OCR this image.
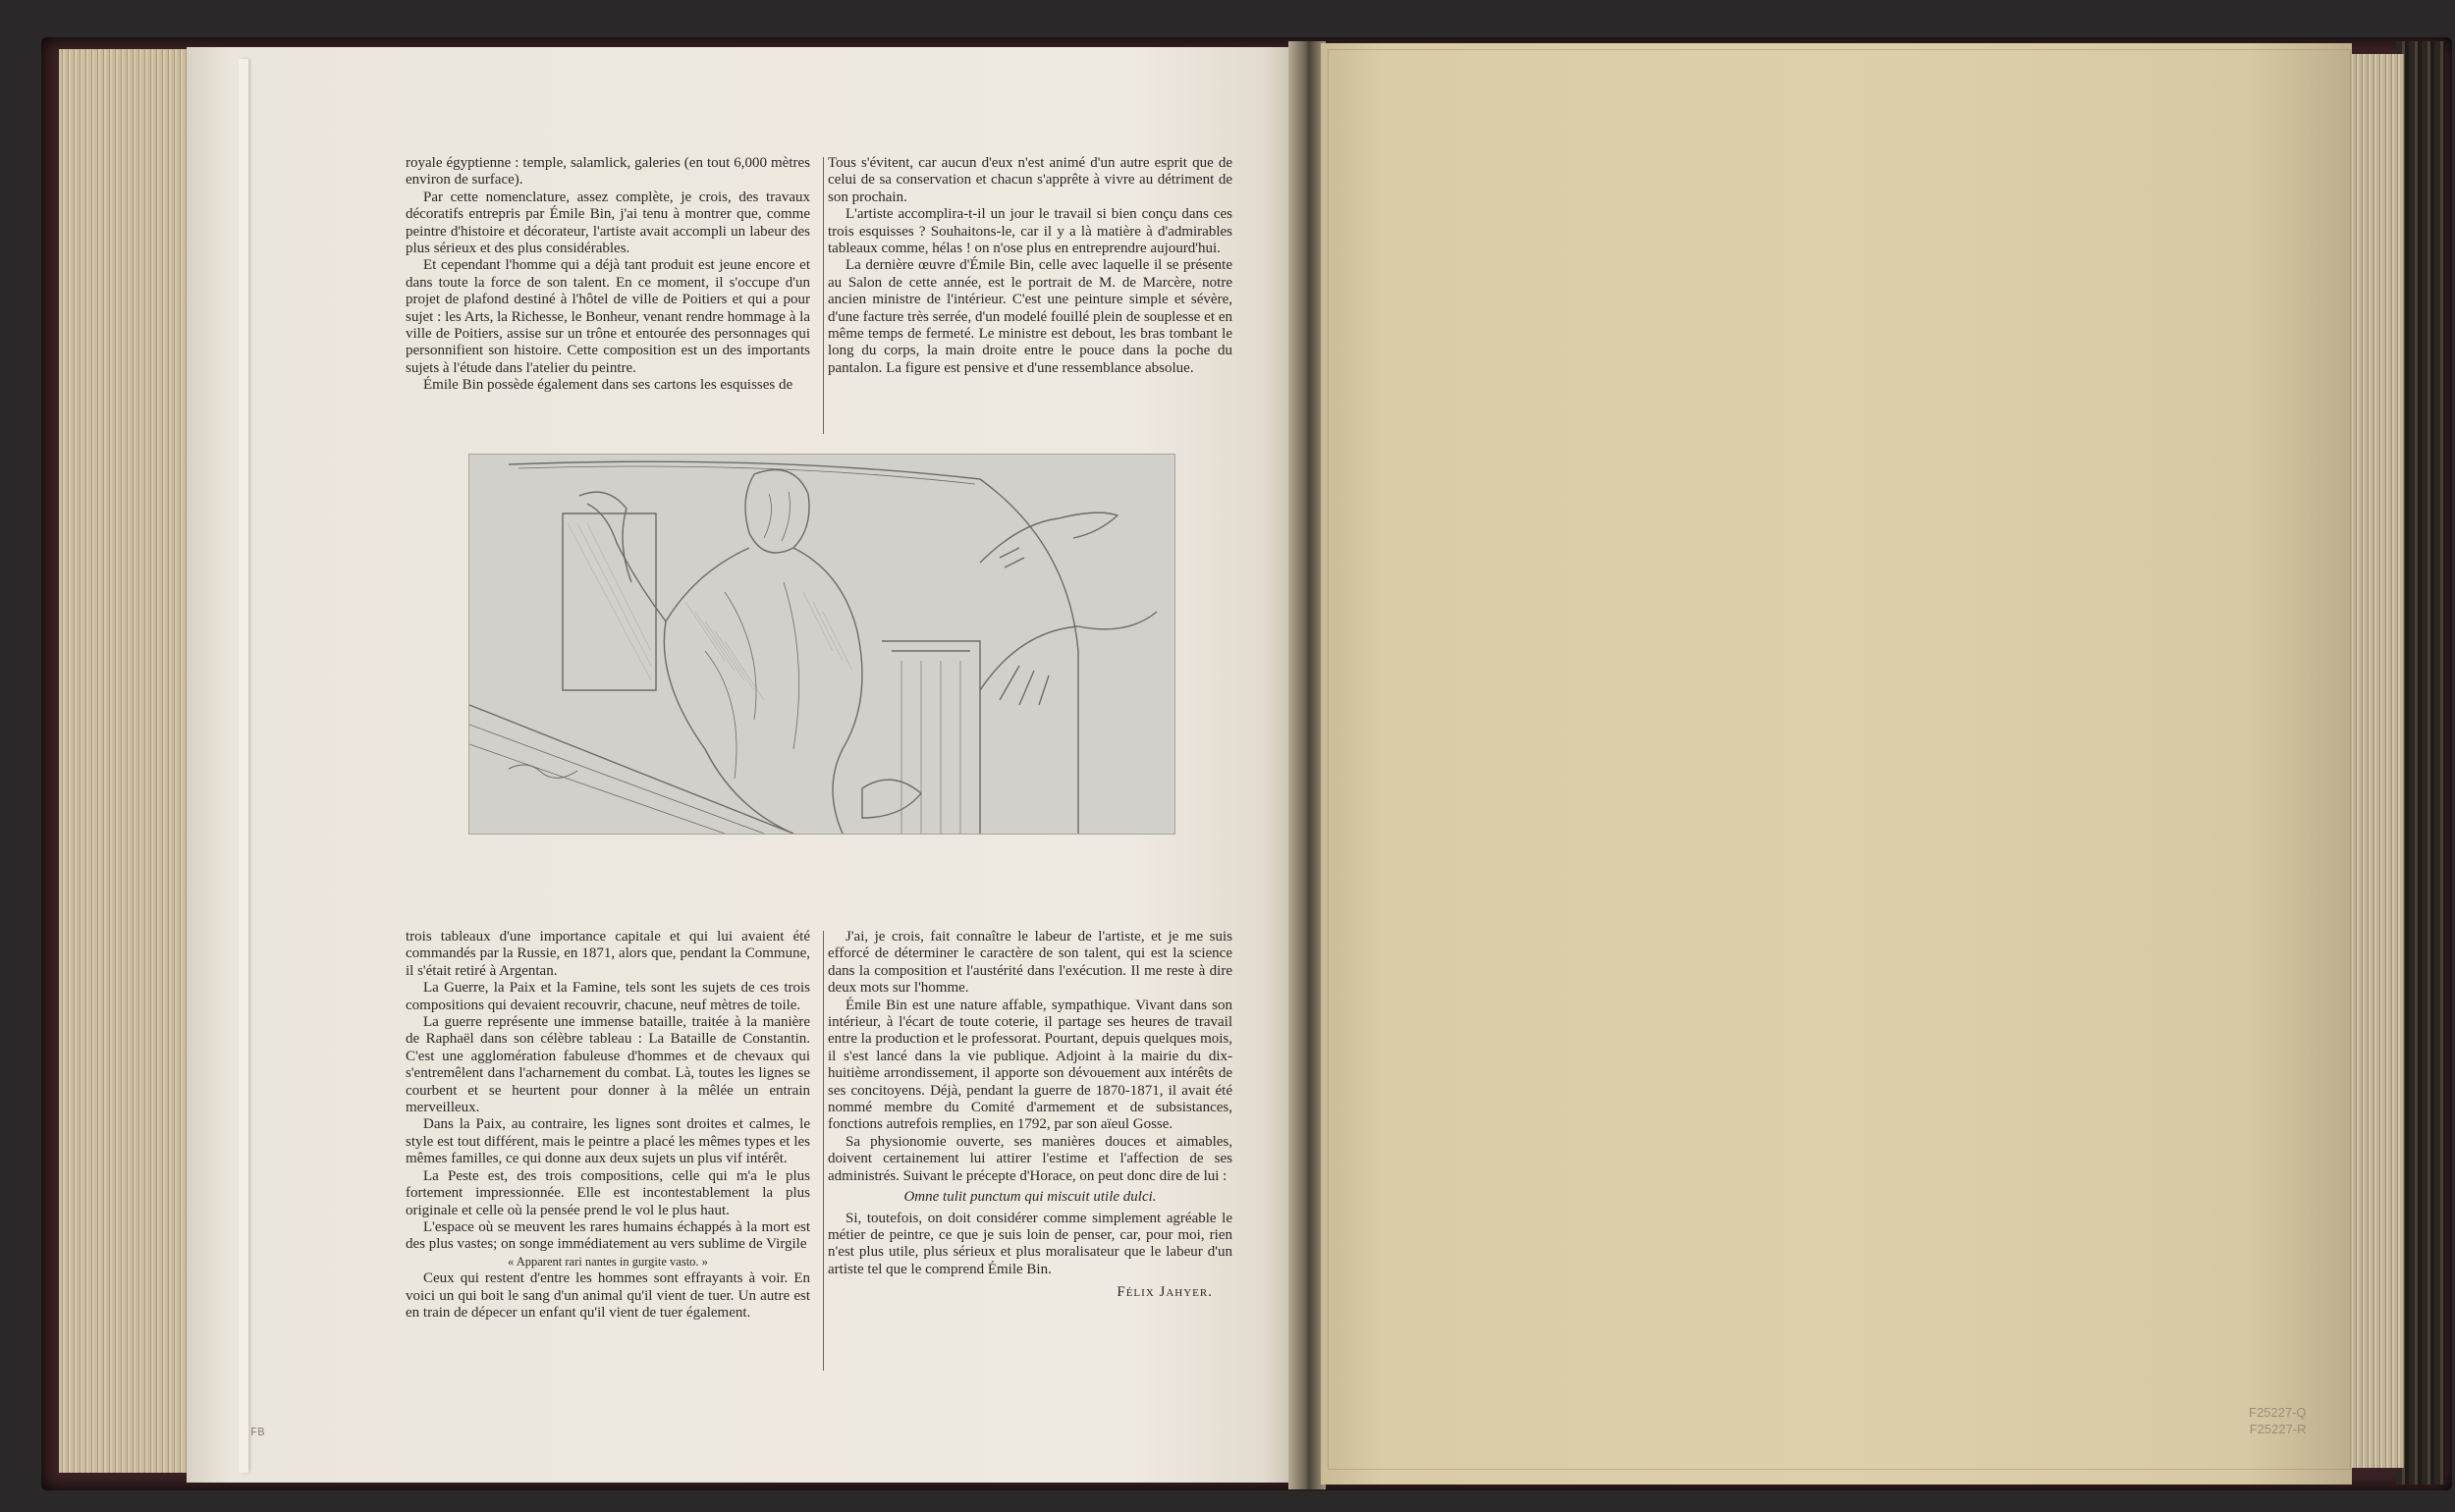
royale égyptienne : temple, salamlick, galeries (en tout 6,000 mètres environ de surface).

Par cette nomenclature, assez complète, je crois, des travaux décoratifs entrepris par Émile Bin, j'ai tenu à montrer que, comme peintre d'histoire et décorateur, l'artiste avait accompli un labeur des plus sérieux et des plus considérables.

Et cependant l'homme qui a déjà tant produit est jeune encore et dans toute la force de son talent. En ce moment, il s'occupe d'un projet de plafond destiné à l'hôtel de ville de Poitiers et qui a pour sujet : les Arts, la Richesse, le Bonheur, venant rendre hommage à la ville de Poitiers, assise sur un trône et entourée des personnages qui personnifient son histoire. Cette composition est un des importants sujets à l'étude dans l'atelier du peintre.

Émile Bin possède également dans ses cartons les esquisses de

Tous s'évitent, car aucun d'eux n'est animé d'un autre esprit que de celui de sa conservation et chacun s'apprête à vivre au détriment de son prochain.

L'artiste accomplira-t-il un jour le travail si bien conçu dans ces trois esquisses ? Souhaitons-le, car il y a là matière à d'admirables tableaux comme, hélas ! on n'ose plus en entreprendre aujourd'hui.

La dernière œuvre d'Émile Bin, celle avec laquelle il se présente au Salon de cette année, est le portrait de M. de Marcère, notre ancien ministre de l'intérieur. C'est une peinture simple et sévère, d'une facture très serrée, d'un modelé fouillé plein de souplesse et en même temps de fermeté. Le ministre est debout, les bras tombant le long du corps, la main droite entre le pouce dans la poche du pantalon. La figure est pensive et d'une ressemblance absolue.

trois tableaux d'une importance capitale et qui lui avaient été commandés par la Russie, en 1871, alors que, pendant la Commune, il s'était retiré à Argentan.

La Guerre, la Paix et la Famine, tels sont les sujets de ces trois compositions qui devaient recouvrir, chacune, neuf mètres de toile.

La guerre représente une immense bataille, traitée à la manière de Raphaël dans son célèbre tableau : La Bataille de Constantin. C'est une agglomération fabuleuse d'hommes et de chevaux qui s'entremêlent dans l'acharnement du combat. Là, toutes les lignes se courbent et se heurtent pour donner à la mêlée un entrain merveilleux.

Dans la Paix, au contraire, les lignes sont droites et calmes, le style est tout différent, mais le peintre a placé les mêmes types et les mêmes familles, ce qui donne aux deux sujets un plus vif intérêt.

La Peste est, des trois compositions, celle qui m'a le plus fortement impressionnée. Elle est incontestablement la plus originale et celle où la pensée prend le vol le plus haut.

L'espace où se meuvent les rares humains échappés à la mort est des plus vastes; on songe immédiatement au vers sublime de Virgile

« Apparent rari nantes in gurgite vasto. »

Ceux qui restent d'entre les hommes sont effrayants à voir. En voici un qui boit le sang d'un animal qu'il vient de tuer. Un autre est en train de dépecer un enfant qu'il vient de tuer également.

J'ai, je crois, fait connaître le labeur de l'artiste, et je me suis efforcé de déterminer le caractère de son talent, qui est la science dans la composition et l'austérité dans l'exécution. Il me reste à dire deux mots sur l'homme.

Émile Bin est une nature affable, sympathique. Vivant dans son intérieur, à l'écart de toute coterie, il partage ses heures de travail entre la production et le professorat. Pourtant, depuis quelques mois, il s'est lancé dans la vie publique. Adjoint à la mairie du dix-huitième arrondissement, il apporte son dévouement aux intérêts de ses concitoyens. Déjà, pendant la guerre de 1870-1871, il avait été nommé membre du Comité d'armement et de subsistances, fonctions autrefois remplies, en 1792, par son aïeul Gosse.

Sa physionomie ouverte, ses manières douces et aimables, doivent certainement lui attirer l'estime et l'affection de ses administrés. Suivant le précepte d'Horace, on peut donc dire de lui :

Omne tulit punctum qui miscuit utile dulci.

Si, toutefois, on doit considérer comme simplement agréable le métier de peintre, ce que je suis loin de penser, car, pour moi, rien n'est plus utile, plus sérieux et plus moralisateur que le labeur d'un artiste tel que le comprend Émile Bin.

Félix Jahyer.

FB
F25227-Q
F25227-R
